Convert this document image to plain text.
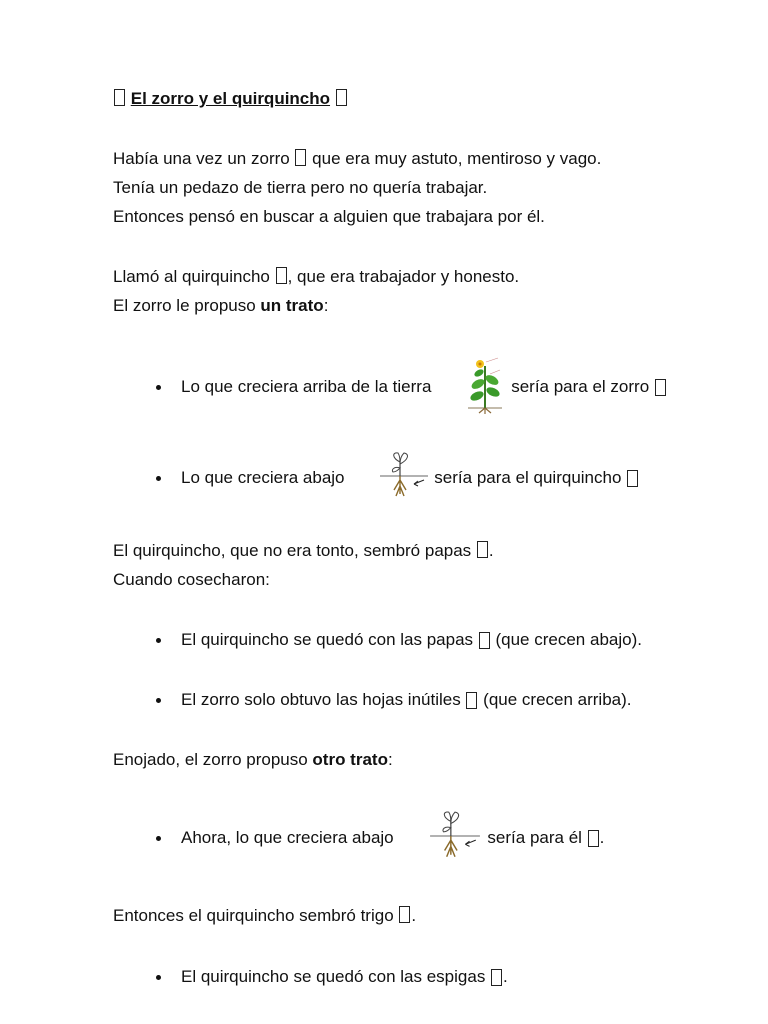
El zorro y el quirquincho
Había una vez un zorro  que era muy astuto, mentiroso y vago.
Tenía un pedazo de tierra pero no quería trabajar.
Entonces pensó en buscar a alguien que trabajara por él.
Llamó al quirquincho , que era trabajador y honesto.
El zorro le propuso un trato:
Lo que creciera arriba de la tierra

	sería para el zorro
Lo que creciera abajo

	sería para el quirquincho
El quirquincho, que no era tonto, sembró papas .
Cuando cosecharon:
El quirquincho se quedó con las papas (que crecen abajo).
El zorro solo obtuvo las hojas inútiles (que crecen arriba).
Enojado, el zorro propuso otro trato:
Ahora, lo que creciera abajo

	sería para él .
Entonces el quirquincho sembró trigo .
El quirquincho se quedó con las espigas .
